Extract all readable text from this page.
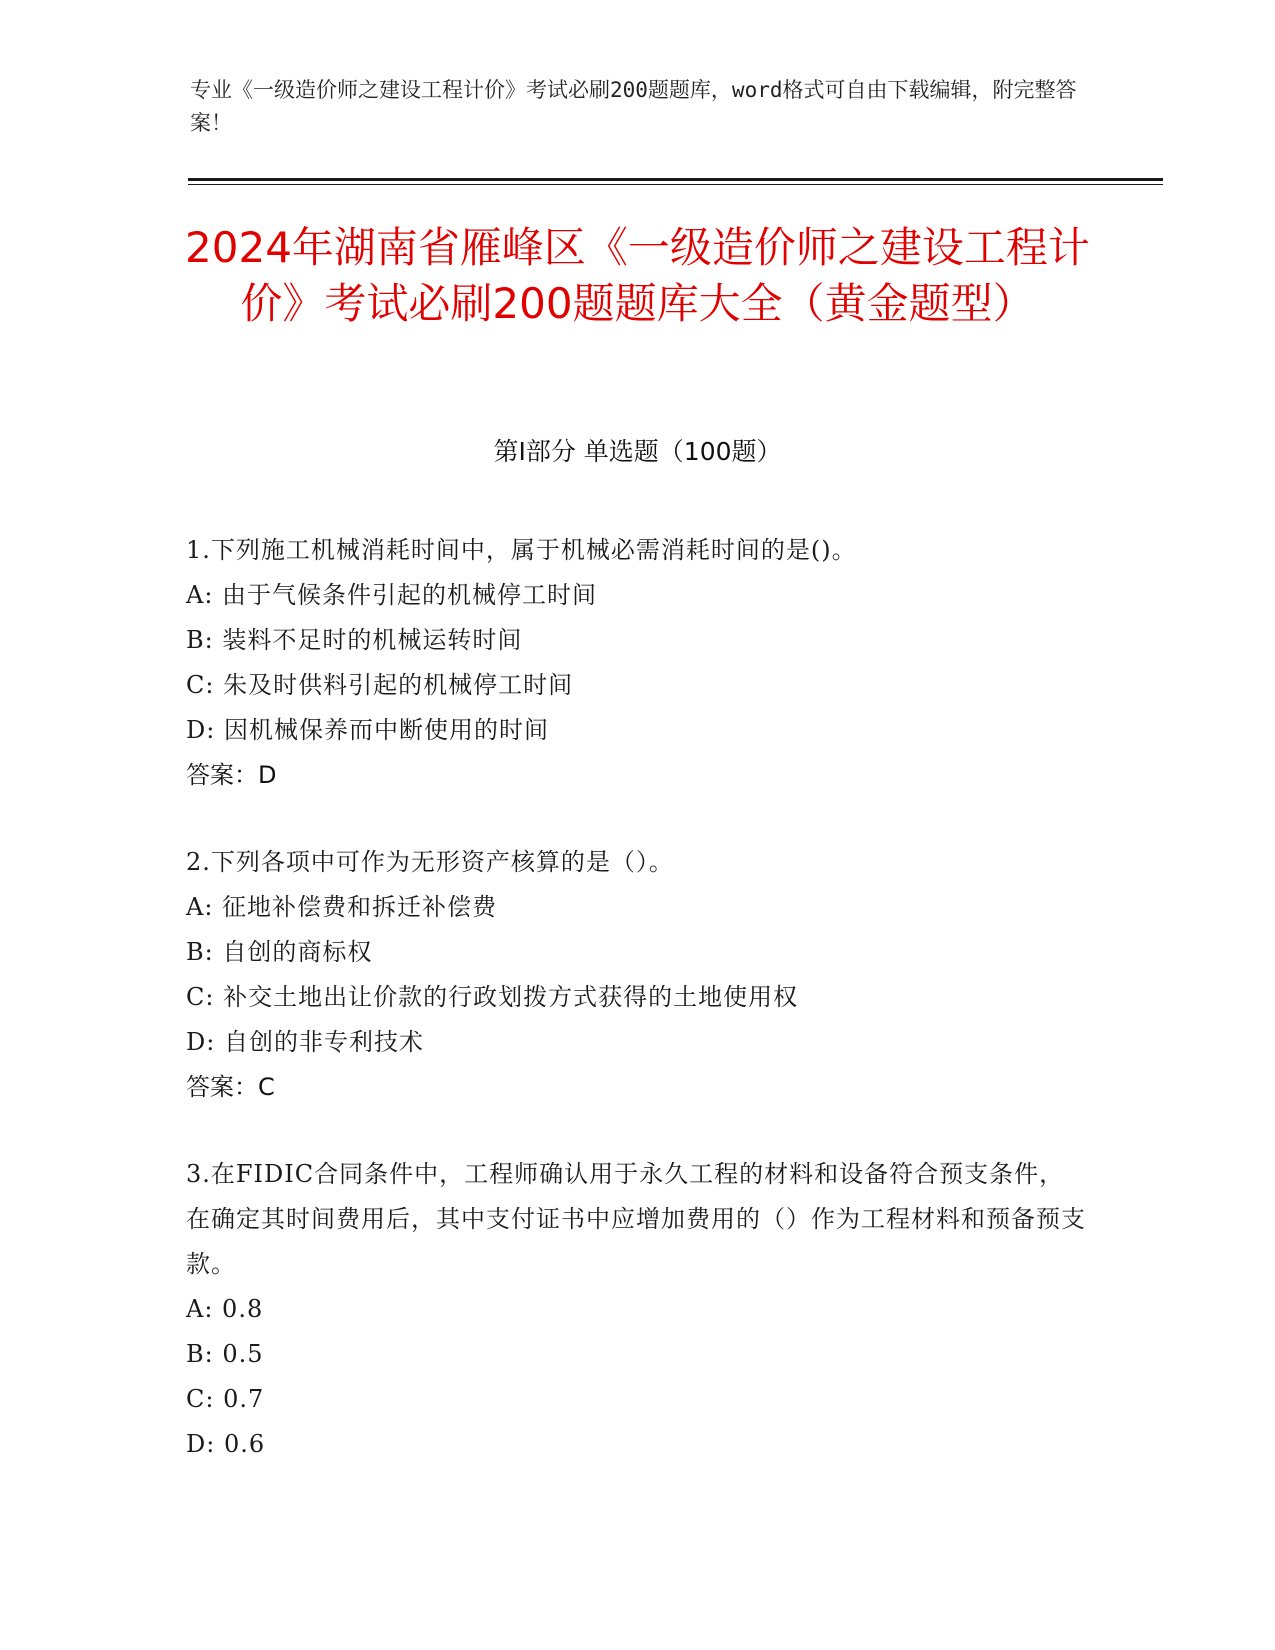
专业《一级造价师之建设工程计价》考试必刷200题题库，word格式可自由下载编辑，附完整答案！
2024年湖南省雁峰区《一级造价师之建设工程计价》考试必刷200题题库大全（黄金题型）
第I部分 单选题（100题）
1.下列施工机械消耗时间中，属于机械必需消耗时间的是()。
A: 由于气候条件引起的机械停工时间
B: 装料不足时的机械运转时间
C: 朱及时供料引起的机械停工时间
D: 因机械保养而中断使用的时间
答案：D
2.下列各项中可作为无形资产核算的是（）。
A: 征地补偿费和拆迁补偿费
B: 自创的商标权
C: 补交土地出让价款的行政划拨方式获得的土地使用权
D: 自创的非专利技术
答案：C
3.在FIDIC合同条件中，工程师确认用于永久工程的材料和设备符合预支条件，在确定其时间费用后，其中支付证书中应增加费用的（）作为工程材料和预备预支款。
A: 0.8
B: 0.5
C: 0.7
D: 0.6
